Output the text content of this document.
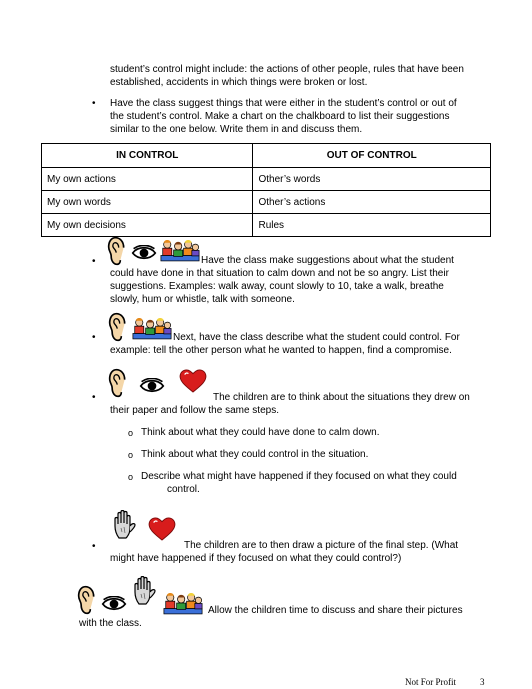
student’s control might include: the actions of other people, rules that have been
established, accidents in which things were broken or lost.
• Have the class suggest things that were either in the student’s control or out of
the student’s control. Make a chart on the chalkboard to list their suggestions
similar to the one below. Write them in and discuss them.
IN CONTROL	OUT OF CONTROL
My own actions	Other’s words
My own words	Other’s actions
My own decisions	Rules
•	Have the class make suggestions about what the student
could have done in that situation to calm down and not be so angry. List their
suggestions. Examples: walk away, count slowly to 10, take a walk, breathe
slowly, hum or whistle, talk with someone.
•	Next, have the class describe what the student could control. For
example: tell the other person what he wanted to happen, find a compromise.
•	The children are to think about the situations they drew on
their paper and follow the same steps.
o Think about what they could have done to calm down.
o Think about what they could control in the situation.
o Describe what might have happened if they focused on what they could
control.
•	The children are to then draw a picture of the final step. (What
might have happened if they focused on what they could control?)
Allow the children time to discuss and share their pictures
with the class.
Not For Profit	3
